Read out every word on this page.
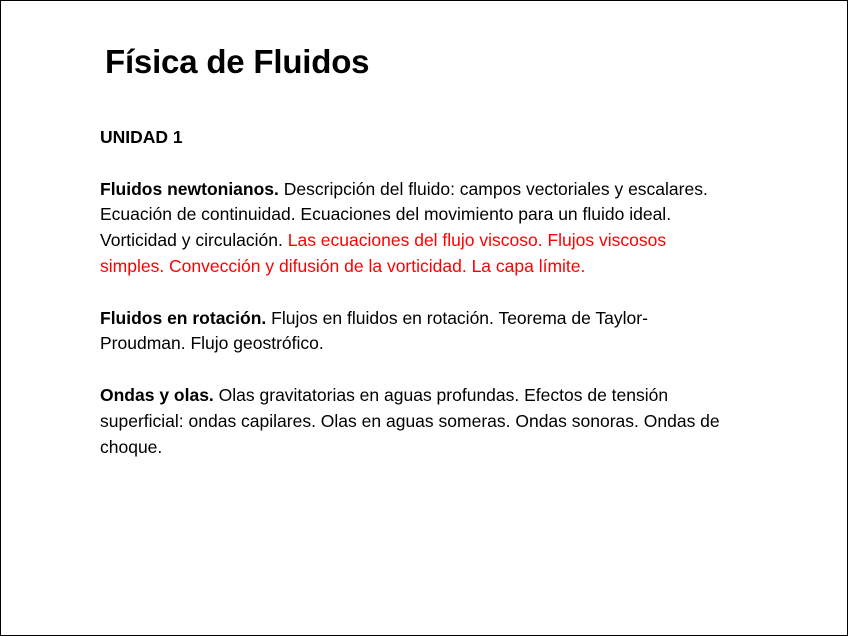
Física de Fluidos
UNIDAD 1

Fluidos newtonianos. Descripción del fluido: campos vectoriales y escalares. Ecuación de continuidad. Ecuaciones del movimiento para un fluido ideal. Vorticidad y circulación. Las ecuaciones del flujo viscoso. Flujos viscosos simples. Convección y difusión de la vorticidad. La capa límite.

Fluidos en rotación. Flujos en fluidos en rotación. Teorema de Taylor-Proudman. Flujo geostrófico.

Ondas y olas. Olas gravitatorias en aguas profundas. Efectos de tensión superficial: ondas capilares. Olas en aguas someras. Ondas sonoras. Ondas de choque.
